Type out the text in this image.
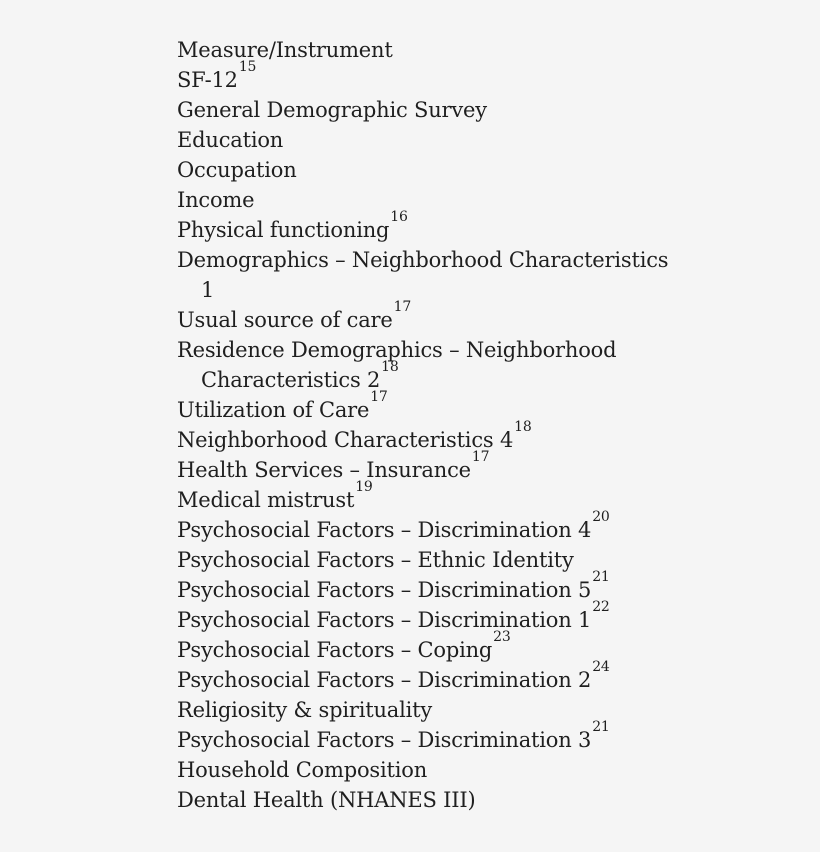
Measure/Instrument
SF-12$^{15}$
General Demographic Survey
Education
Occupation
Income
Physical functioning$^{16}$
Demographics – Neighborhood Characteristics
1
Usual source of care$^{17}$
Residence Demographics – Neighborhood
Characteristics 2$^{18}$
Utilization of Care$^{17}$
Neighborhood Characteristics 4$^{18}$
Health Services – Insurance$^{17}$
Medical mistrust$^{19}$
Psychosocial Factors – Discrimination 4$^{20}$
Psychosocial Factors – Ethnic Identity
Psychosocial Factors – Discrimination 5$^{21}$
Psychosocial Factors – Discrimination 1$^{22}$
Psychosocial Factors – Coping$^{23}$
Psychosocial Factors – Discrimination 2$^{24}$
Religiosity & spirituality
Psychosocial Factors – Discrimination 3$^{21}$
Household Composition
Dental Health (NHANES III)
